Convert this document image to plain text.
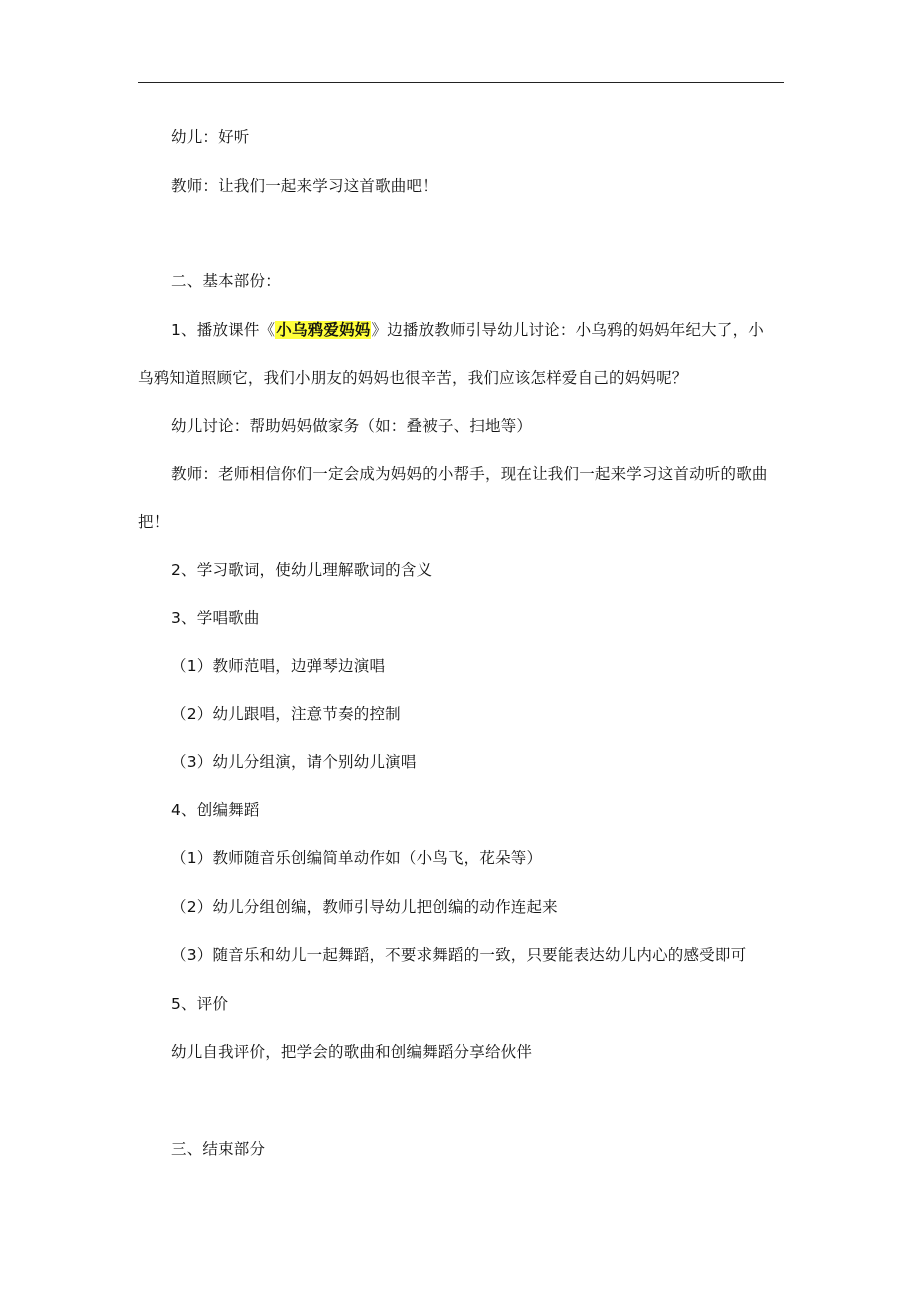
幼儿：好听
教师：让我们一起来学习这首歌曲吧！
二、基本部份：
1、播放课件《小乌鸦爱妈妈》边播放教师引导幼儿讨论：小乌鸦的妈妈年纪大了，小
乌鸦知道照顾它，我们小朋友的妈妈也很辛苦，我们应该怎样爱自己的妈妈呢？
幼儿讨论：帮助妈妈做家务（如：叠被子、扫地等）
教师：老师相信你们一定会成为妈妈的小帮手，现在让我们一起来学习这首动听的歌曲
把！
2、学习歌词，使幼儿理解歌词的含义
3、学唱歌曲
（1）教师范唱，边弹琴边演唱
（2）幼儿跟唱，注意节奏的控制
（3）幼儿分组演，请个别幼儿演唱
4、创编舞蹈
（1）教师随音乐创编简单动作如（小鸟飞，花朵等）
（2）幼儿分组创编，教师引导幼儿把创编的动作连起来
（3）随音乐和幼儿一起舞蹈，不要求舞蹈的一致，只要能表达幼儿内心的感受即可
5、评价
幼儿自我评价，把学会的歌曲和创编舞蹈分享给伙伴
三、结束部分
